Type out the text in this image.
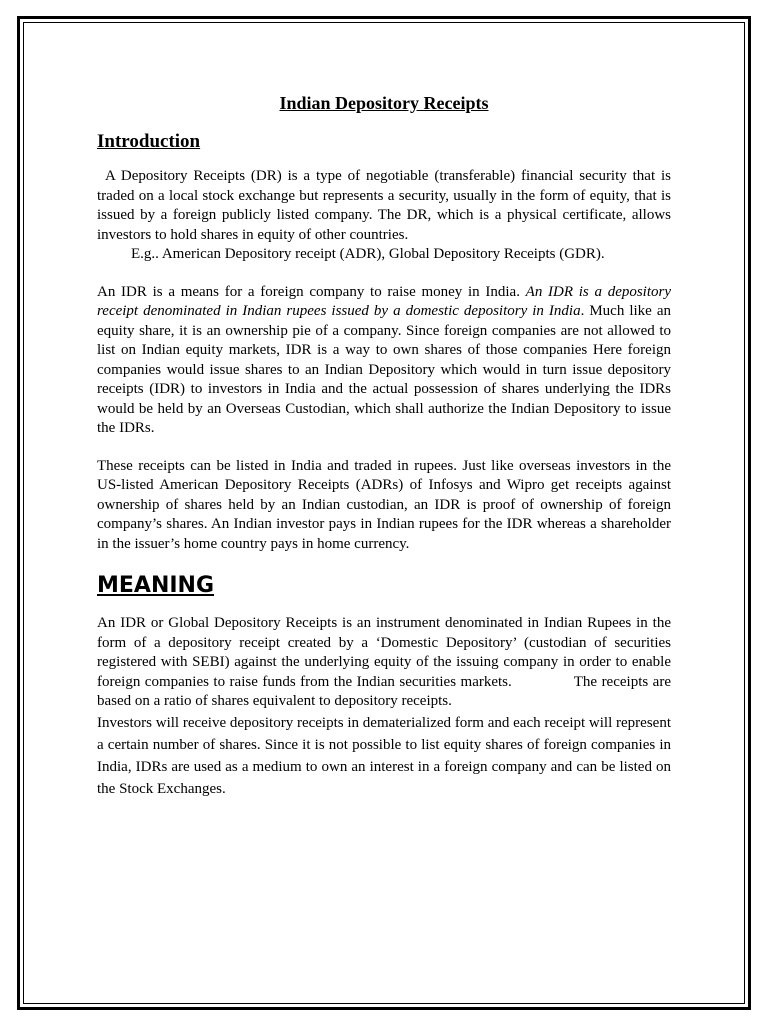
Indian Depository Receipts
Introduction

A Depository Receipts (DR) is a type of negotiable (transferable) financial security that is traded on a local stock exchange but represents a security, usually in the form of equity, that is issued by a foreign publicly listed company. The DR, which is a physical certificate, allows investors to hold shares in equity of other countries.

E.g.. American Depository receipt (ADR), Global Depository Receipts (GDR).

An IDR is a means for a foreign company to raise money in India. An IDR is a depository receipt denominated in Indian rupees issued by a domestic depository in India. Much like an equity share, it is an ownership pie of a company. Since foreign companies are not allowed to list on Indian equity markets, IDR is a way to own shares of those companies Here foreign companies would issue shares to an Indian Depository which would in turn issue depository receipts (IDR) to investors in India and the actual possession of shares underlying the IDRs would be held by an Overseas Custodian, which shall authorize the Indian Depository to issue the IDRs.

These receipts can be listed in India and traded in rupees. Just like overseas investors in the US-listed American Depository Receipts (ADRs) of Infosys and Wipro get receipts against ownership of shares held by an Indian custodian, an IDR is proof of ownership of foreign company’s shares. An Indian investor pays in Indian rupees for the IDR whereas a shareholder in the issuer’s home country pays in home currency.

MEANING

An IDR or Global Depository Receipts is an instrument denominated in Indian Rupees in the form of a depository receipt created by a ‘Domestic Depository’ (custodian of securities registered with SEBI) against the underlying equity of the issuing company in order to enable foreign companies to raise funds from the Indian securities markets.	The receipts are based on a ratio of shares equivalent to depository receipts.

Investors will receive depository receipts in dematerialized form and each receipt will represent a certain number of shares. Since it is not possible to list equity shares of foreign companies in India, IDRs are used as a medium to own an interest in a foreign company and can be listed on the Stock Exchanges.
